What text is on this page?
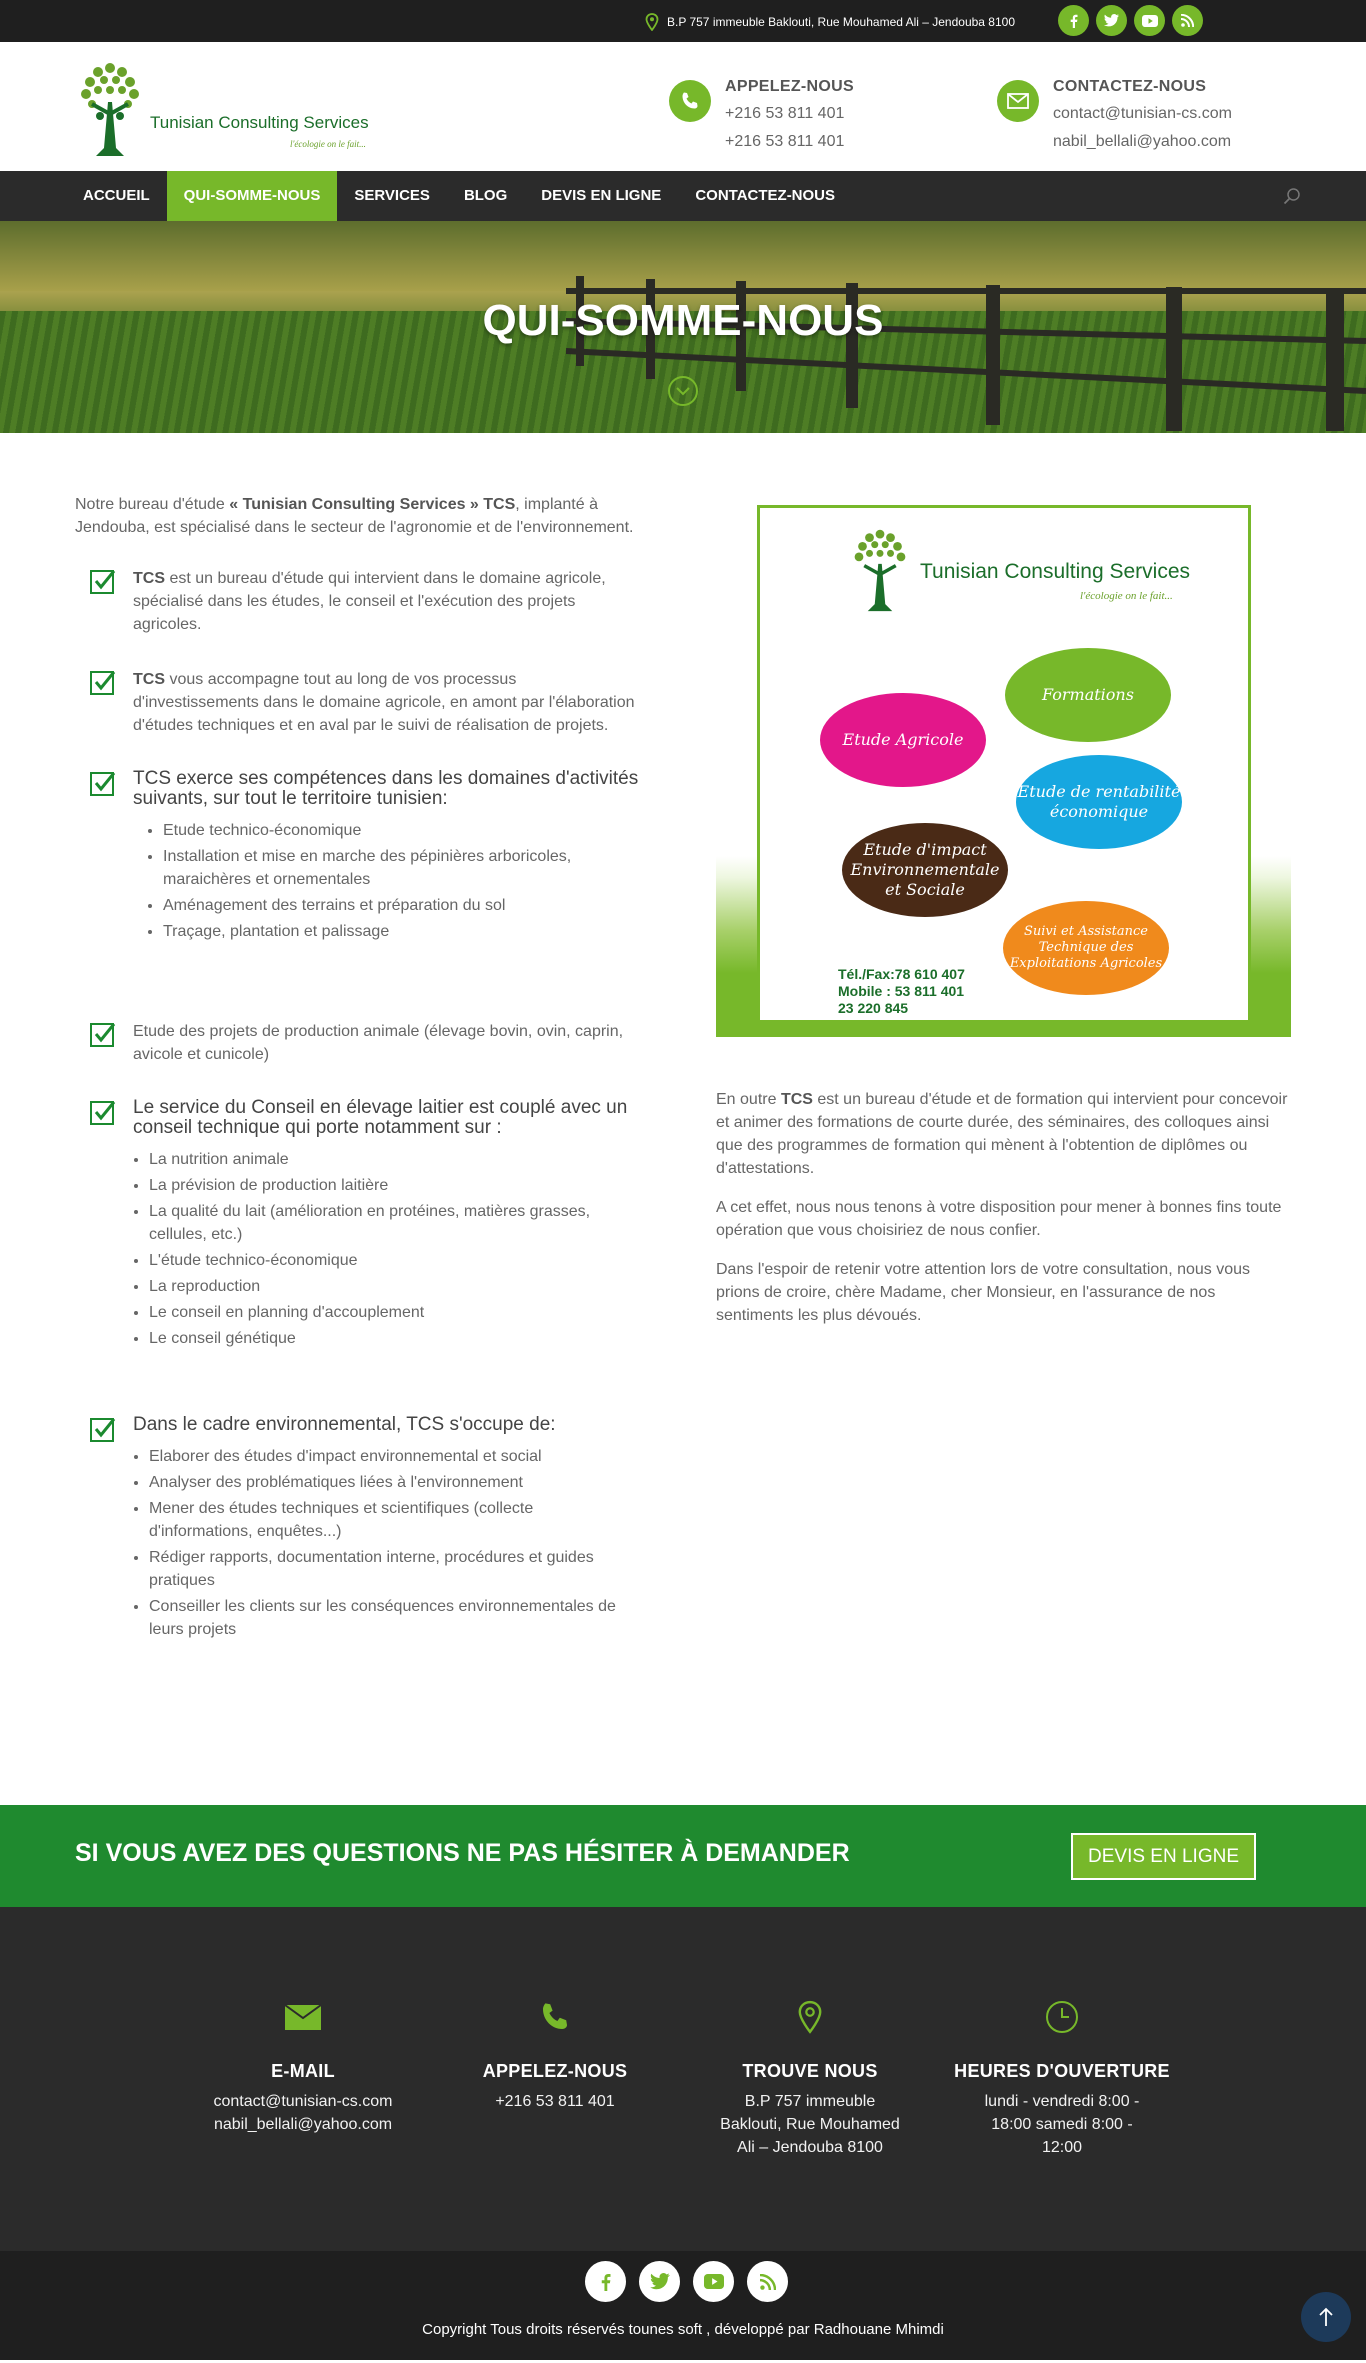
B.P 757 immeuble Baklouti, Rue Mouhamed Ali – Jendouba 8100
Tunisian Consulting Services
l'écologie on le fait...
APPELEZ-NOUS
+216 53 811 401
+216 53 811 401
CONTACTEZ-NOUS
contact@tunisian-cs.com
nabil_bellali@yahoo.com
ACCUEIL	QUI-SOMME-NOUS	SERVICES	BLOG	DEVIS EN LIGNE	CONTACTEZ-NOUS
QUI-SOMME-NOUS

Notre bureau d'étude « Tunisian Consulting Services » TCS, implanté à Jendouba, est spécialisé dans le secteur de l'agronomie et de l'environnement.

TCS est un bureau d'étude qui intervient dans le domaine agricole, spécialisé dans les études, le conseil et l'exécution des projets agricoles.

TCS vous accompagne tout au long de vos processus d'investissements dans le domaine agricole, en amont par l'élaboration d'études techniques et en aval par le suivi de réalisation de projets.

TCS exerce ses compétences dans les domaines d'activités suivants, sur tout le territoire tunisien:
• Etude technico-économique
• Installation et mise en marche des pépinières arboricoles, maraichères et ornementales
• Aménagement des terrains et préparation du sol
• Traçage, plantation et palissage

Etude des projets de production animale (élevage bovin, ovin, caprin, avicole et cunicole)

Le service du Conseil en élevage laitier est couplé avec un conseil technique qui porte notamment sur :
• La nutrition animale
• La prévision de production laitière
• La qualité du lait (amélioration en protéines, matières grasses, cellules, etc.)
• L'étude technico-économique
• La reproduction
• Le conseil en planning d'accouplement
• Le conseil génétique
Dans le cadre environnemental, TCS s'occupe de:
• Elaborer des études d'impact environnemental et social
• Analyser des problématiques liées à l'environnement
• Mener des études techniques et scientifiques (collecte d'informations, enquêtes...)
• Rédiger rapports, documentation interne, procédures et guides pratiques
• Conseiller les clients sur les conséquences environnementales de leurs projets
Tunisian Consulting Services
l'écologie on le fait...
Etude Agricole
Formations
Etude de rentabilité économique
Etude d'impact Environnementale et Sociale
Suivi et Assistance Technique des Exploitations Agricoles
Tél./Fax:78 610 407
Mobile : 53 811 401
23 220 845

En outre TCS est un bureau d'étude et de formation qui intervient pour concevoir et animer des formations de courte durée, des séminaires, des colloques ainsi que des programmes de formation qui mènent à l'obtention de diplômes ou d'attestations.

A cet effet, nous nous tenons à votre disposition pour mener à bonnes fins toute opération que vous choisiriez de nous confier.

Dans l'espoir de retenir votre attention lors de votre consultation, nous vous prions de croire, chère Madame, cher Monsieur, en l'assurance de nos sentiments les plus dévoués.

SI VOUS AVEZ DES QUESTIONS NE PAS HÉSITER À DEMANDER	DEVIS EN LIGNE
E-MAIL
contact@tunisian-cs.com
nabil_bellali@yahoo.com
APPELEZ-NOUS
+216 53 811 401
TROUVE NOUS
B.P 757 immeuble Baklouti, Rue Mouhamed Ali – Jendouba 8100
HEURES D'OUVERTURE
lundi - vendredi 8:00 - 18:00 samedi 8:00 - 12:00
Copyright Tous droits réservés tounes soft , développé par Radhouane Mhimdi
